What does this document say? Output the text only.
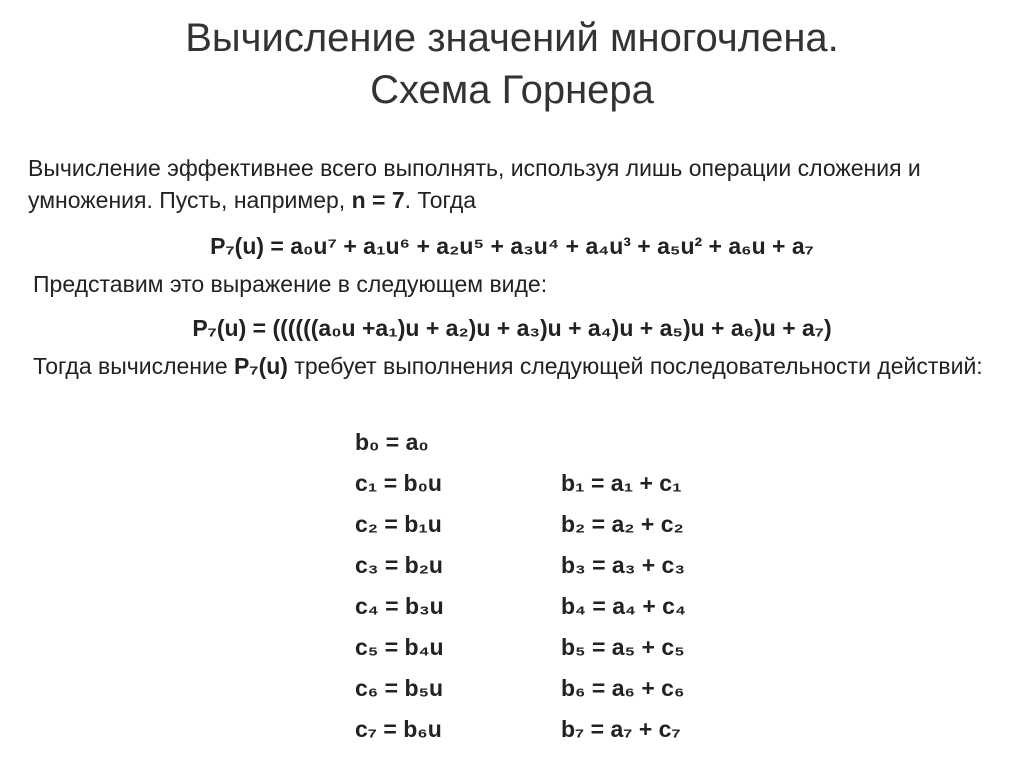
Вычисление значений многочлена.
Схема Горнера
Вычисление эффективнее всего выполнять, используя лишь операции сложения и умножения. Пусть, например, n = 7. Тогда
P₇(u) = a₀u⁷ + a₁u⁶ + a₂u⁵ + a₃u⁴ + a₄u³ + a₅u² + a₆u + a₇
Представим это выражение в следующем виде:
P₇(u) = ((((((a₀u +a₁)u + a₂)u + a₃)u + a₄)u + a₅)u + a₆)u + a₇)
Тогда вычисление P₇(u) требует выполнения следующей последовательности действий:
b₀ = a₀
c₁ = b₀u	b₁ = a₁ + c₁
c₂ = b₁u	b₂ = a₂ + c₂
c₃ = b₂u	b₃ = a₃ + c₃
c₄ = b₃u	b₄ = a₄ + c₄
c₅ = b₄u	b₅ = a₅ + c₅
c₆ = b₅u	b₆ = a₆ + c₆
c₇ = b₆u	b₇ = a₇ + c₇
